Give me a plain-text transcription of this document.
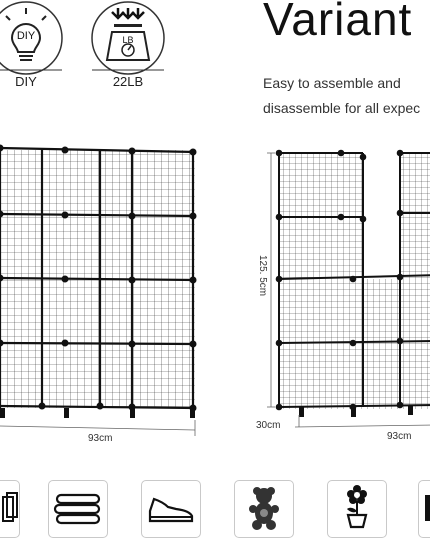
DIY
DIY
LB
22LB
Variant
Easy to assemble and
disassemble for all expec
93cm
125. 5cm
30cm
93cm
